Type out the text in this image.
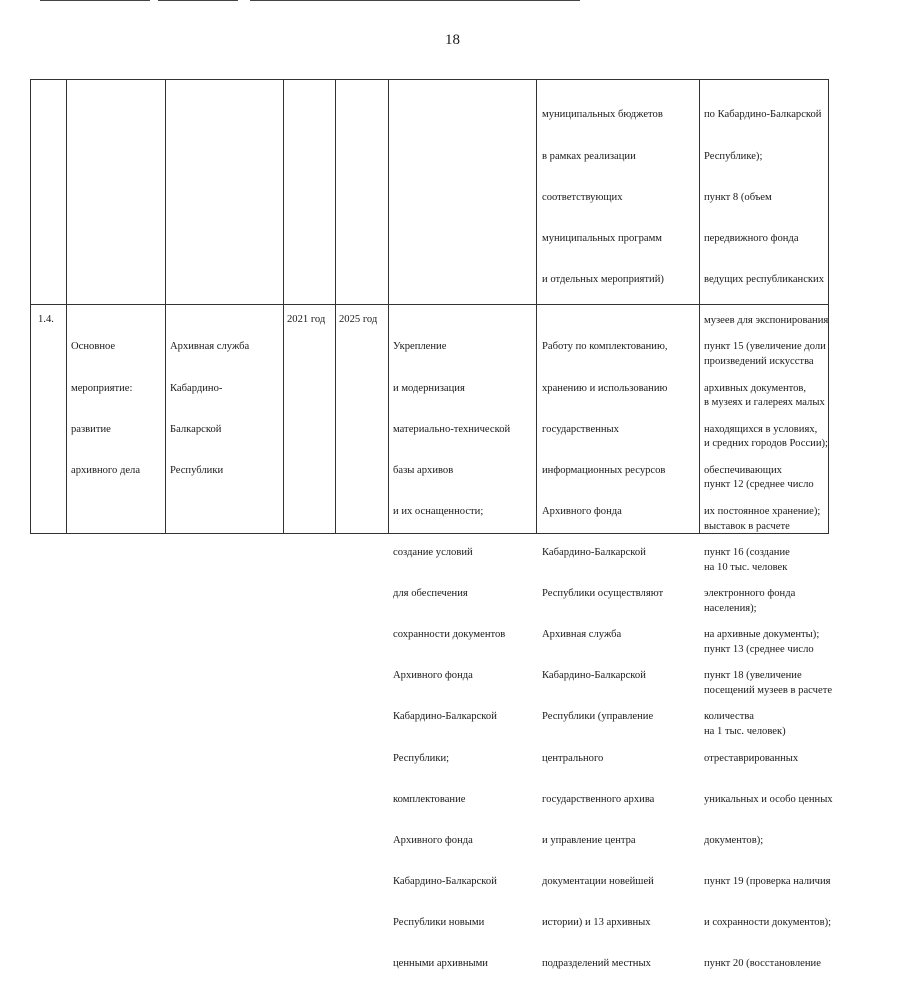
18

муниципальных бюджетов

в рамках реализации

соответствующих

муниципальных программ

и отдельных мероприятий)

по Кабардино-Балкарской

Республике);

пункт 8 (объем

передвижного фонда

ведущих республиканских

музеев для экспонирования

произведений искусства

в музеях и галереях малых

и средних городов России);

пункт 12 (среднее число

выставок в расчете

на 10 тыс. человек

населения);

пункт 13 (среднее число

посещений музеев в расчете

на 1 тыс. человек)

1.4.

Основное

мероприятие:

развитие

архивного дела

Архивная служба

Кабардино-

Балкарской

Республики

2021 год 2025 год

Укрепление

и модернизация

материально-технической

базы архивов

и их оснащенности;

создание условий

для обеспечения

сохранности документов

Архивного фонда

Кабардино-Балкарской

Республики;

комплектование

Архивного фонда

Кабардино-Балкарской

Республики новыми

ценными архивными

Работу по комплектованию,

хранению и использованию

государственных

информационных ресурсов

Архивного фонда

Кабардино-Балкарской

Республики осуществляют

Архивная служба

Кабардино-Балкарской

Республики (управление

центрального

государственного архива

и управление центра

документации новейшей

истории) и 13 архивных

подразделений местных

пункт 15 (увеличение доли

архивных документов,

находящихся в условиях,

обеспечивающих

их постоянное хранение);

пункт 16 (создание

электронного фонда

на архивные документы);

пункт 18 (увеличение

количества

отреставрированных

уникальных и особо ценных

документов);

пункт 19 (проверка наличия

и сохранности документов);

пункт 20 (восстановление
